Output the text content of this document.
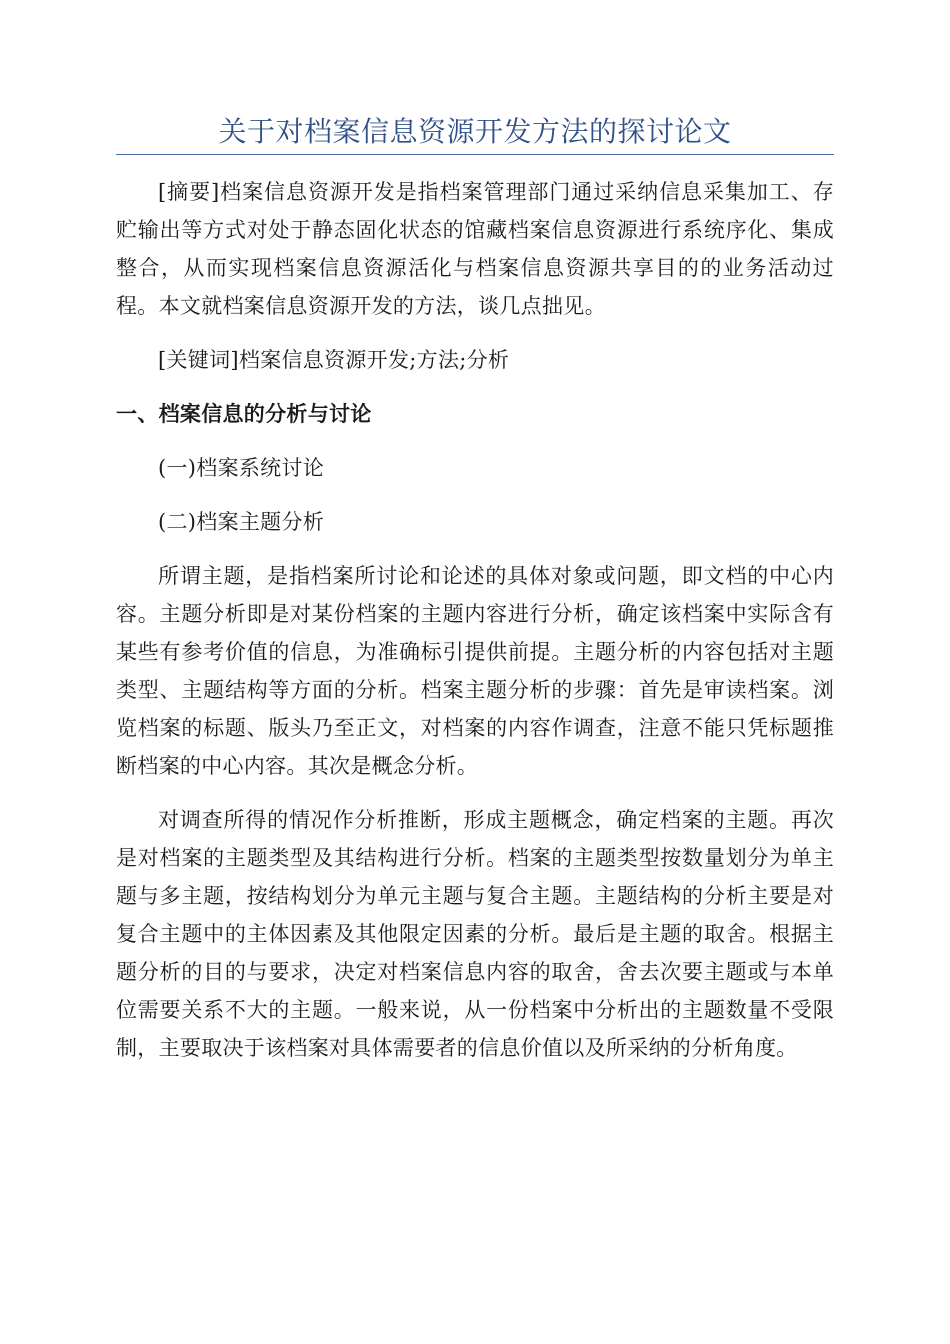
关于对档案信息资源开发方法的探讨论文

[摘要]档案信息资源开发是指档案管理部门通过采纳信息采集加工、存贮输出等方式对处于静态固化状态的馆藏档案信息资源进行系统序化、集成整合，从而实现档案信息资源活化与档案信息资源共享目的的业务活动过程。本文就档案信息资源开发的方法，谈几点拙见。

[关键词]档案信息资源开发;方法;分析

一、档案信息的分析与讨论

(一)档案系统讨论

(二)档案主题分析

所谓主题，是指档案所讨论和论述的具体对象或问题，即文档的中心内容。主题分析即是对某份档案的主题内容进行分析，确定该档案中实际含有某些有参考价值的信息，为准确标引提供前提。主题分析的内容包括对主题类型、主题结构等方面的分析。档案主题分析的步骤：首先是审读档案。浏览档案的标题、版头乃至正文，对档案的内容作调查，注意不能只凭标题推断档案的中心内容。其次是概念分析。

对调查所得的情况作分析推断，形成主题概念，确定档案的主题。再次是对档案的主题类型及其结构进行分析。档案的主题类型按数量划分为单主题与多主题，按结构划分为单元主题与复合主题。主题结构的分析主要是对复合主题中的主体因素及其他限定因素的分析。最后是主题的取舍。根据主题分析的目的与要求，决定对档案信息内容的取舍，舍去次要主题或与本单位需要关系不大的主题。一般来说，从一份档案中分析出的主题数量不受限制，主要取决于该档案对具体需要者的信息价值以及所采纳的分析角度。
